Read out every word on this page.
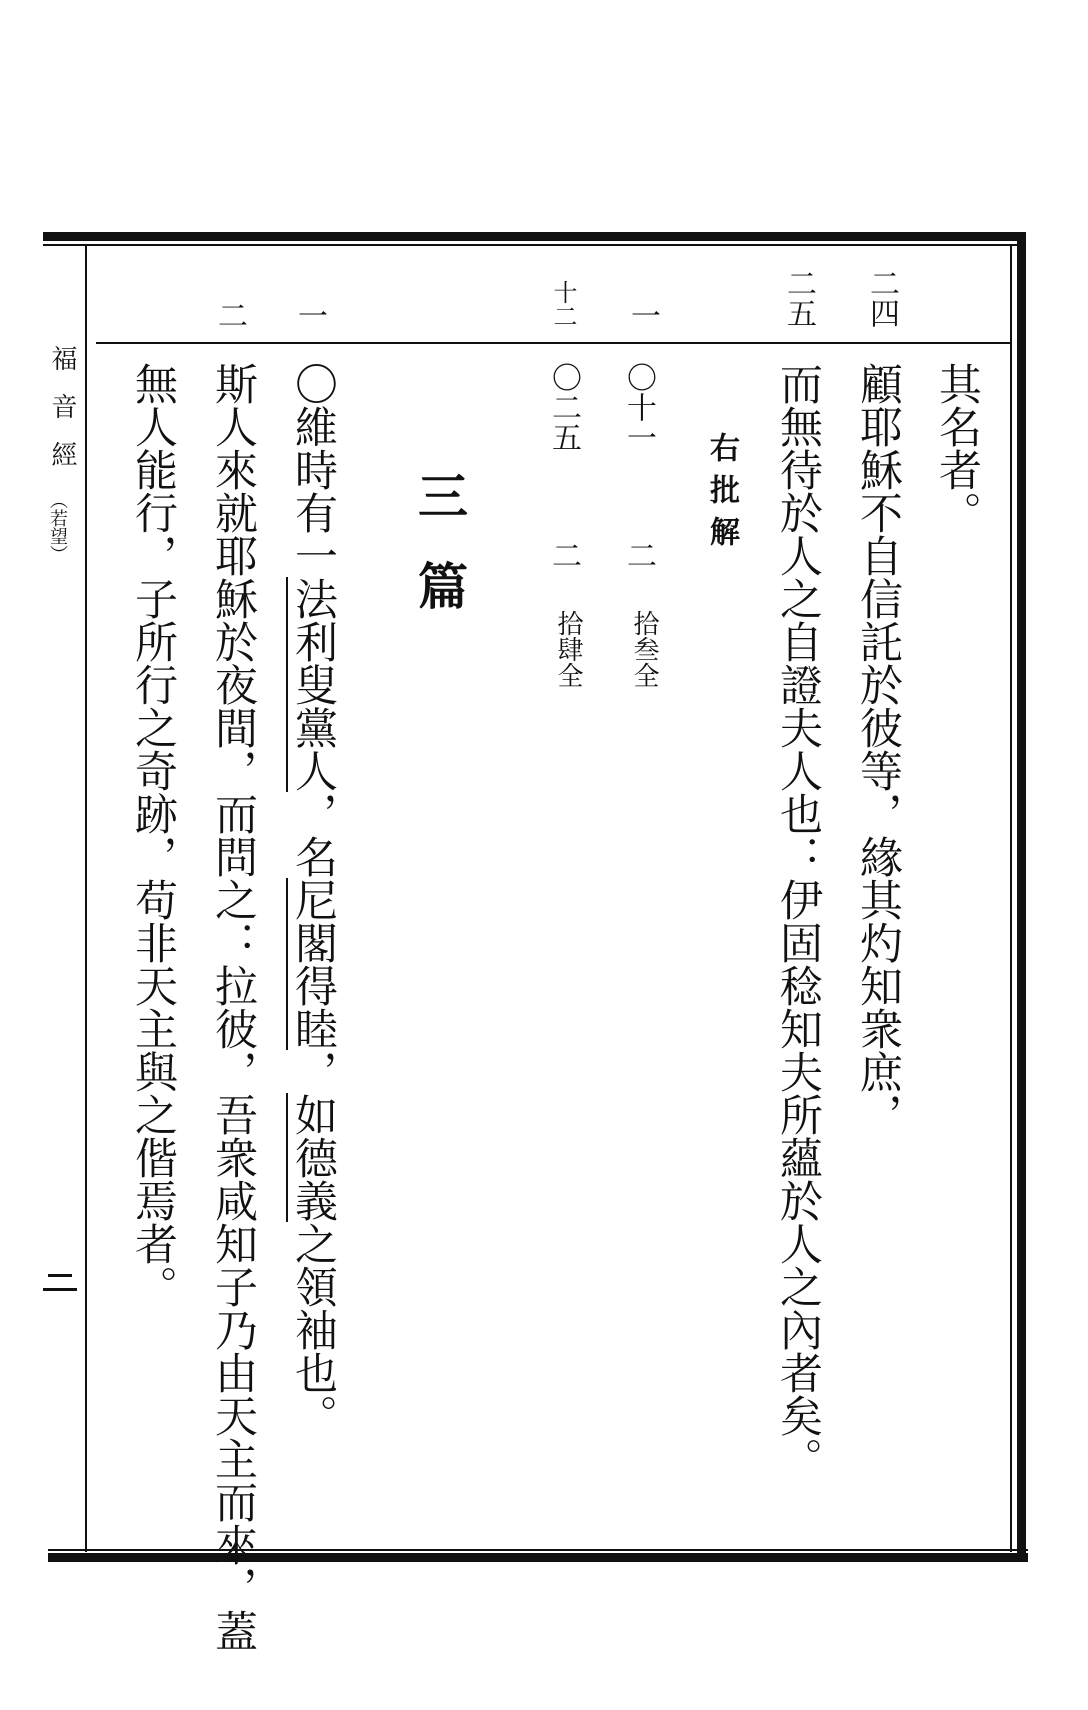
福音經
（若望）
二四
二五
一
十二
二 一
其名者。
顧耶穌不自信託於彼等，緣其灼知衆庶，
而無待於人之自證夫人也：伊固稔知夫所蘊於人之內者矣。
右批解
〇十一
二
拾叁全
〇二五
二
拾肆全
三篇
〇維時有一法利叟黨人，名尼閣得睦，如德義之領袖也。
斯人來就耶穌於夜間，而問之：拉彼，吾衆咸知子乃由天主而來，蓋
無人能行，子所行之奇跡，苟非天主與之偕焉者。
